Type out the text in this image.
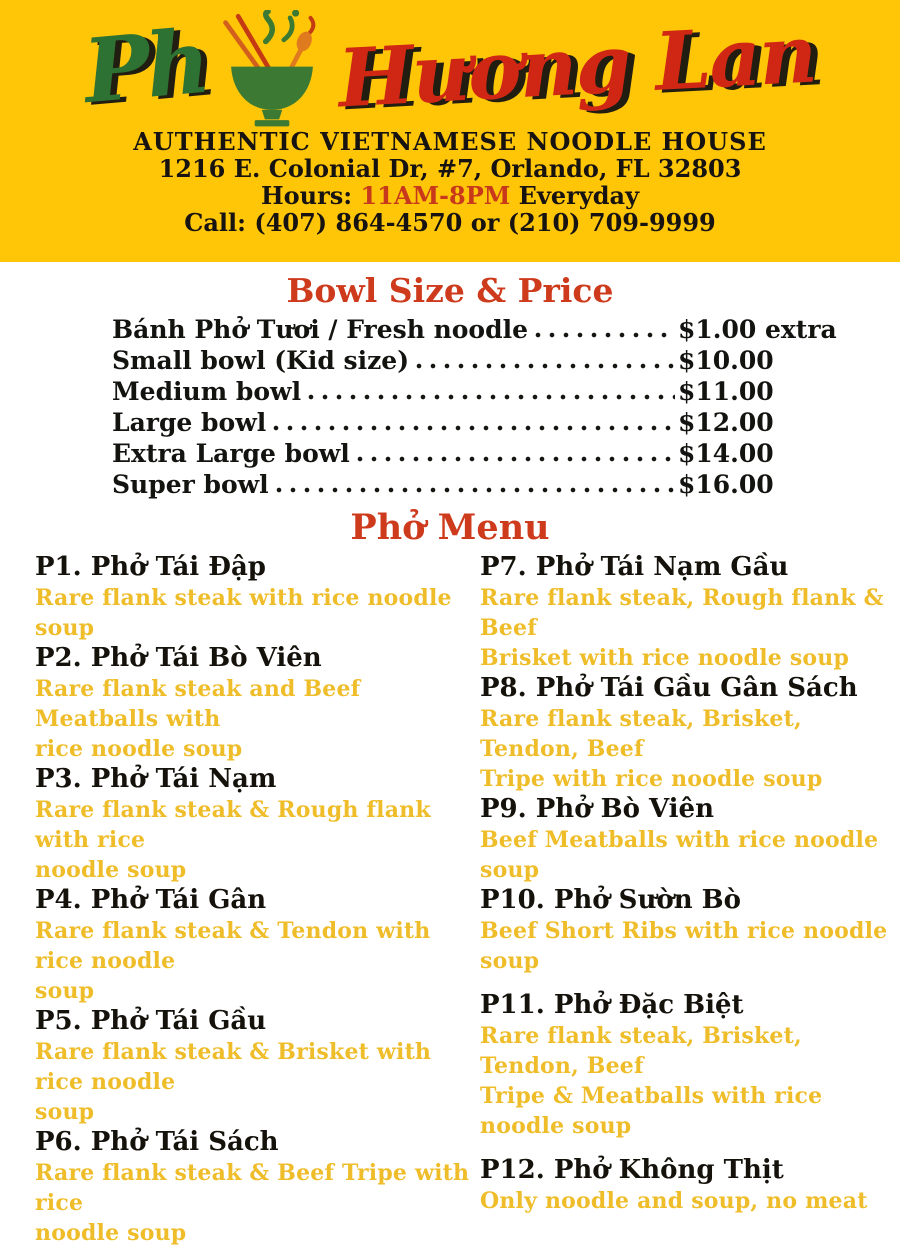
Ph Hương Lan
AUTHENTIC VIETNAMESE NOODLE HOUSE
1216 E. Colonial Dr, #7, Orlando, FL 32803
Hours: 11AM-8PM Everyday
Call: (407) 864-4570 or (210) 709-9999
Bowl Size & Price
Bánh Phở Tươi / Fresh noodle	$1.00 extra
Small bowl (Kid size)	$10.00
Medium bowl	$11.00
Large bowl	$12.00
Extra Large bowl	$14.00
Super bowl	$16.00
Phở Menu
P1. Phở Tái Đập
Rare flank steak with rice noodle soup
P2. Phở Tái Bò Viên
Rare flank steak and Beef Meatballs with
rice noodle soup
P3. Phở Tái Nạm
Rare flank steak & Rough flank with rice
noodle soup
P4. Phở Tái Gân
Rare flank steak & Tendon with rice noodle
soup
P5. Phở Tái Gầu
Rare flank steak & Brisket with rice noodle
soup
P6. Phở Tái Sách
Rare flank steak & Beef Tripe with rice
noodle soup
P7. Phở Tái Nạm Gầu
Rare flank steak, Rough flank & Beef
Brisket with rice noodle soup
P8. Phở Tái Gầu Gân Sách
Rare flank steak, Brisket, Tendon, Beef
Tripe with rice noodle soup
P9. Phở Bò Viên
Beef Meatballs with rice noodle soup
P10. Phở Sườn Bò
Beef Short Ribs with rice noodle soup
P11. Phở Đặc Biệt
Rare flank steak, Brisket, Tendon, Beef
Tripe & Meatballs with rice noodle soup
P12. Phở Không Thịt
Only noodle and soup, no meat
